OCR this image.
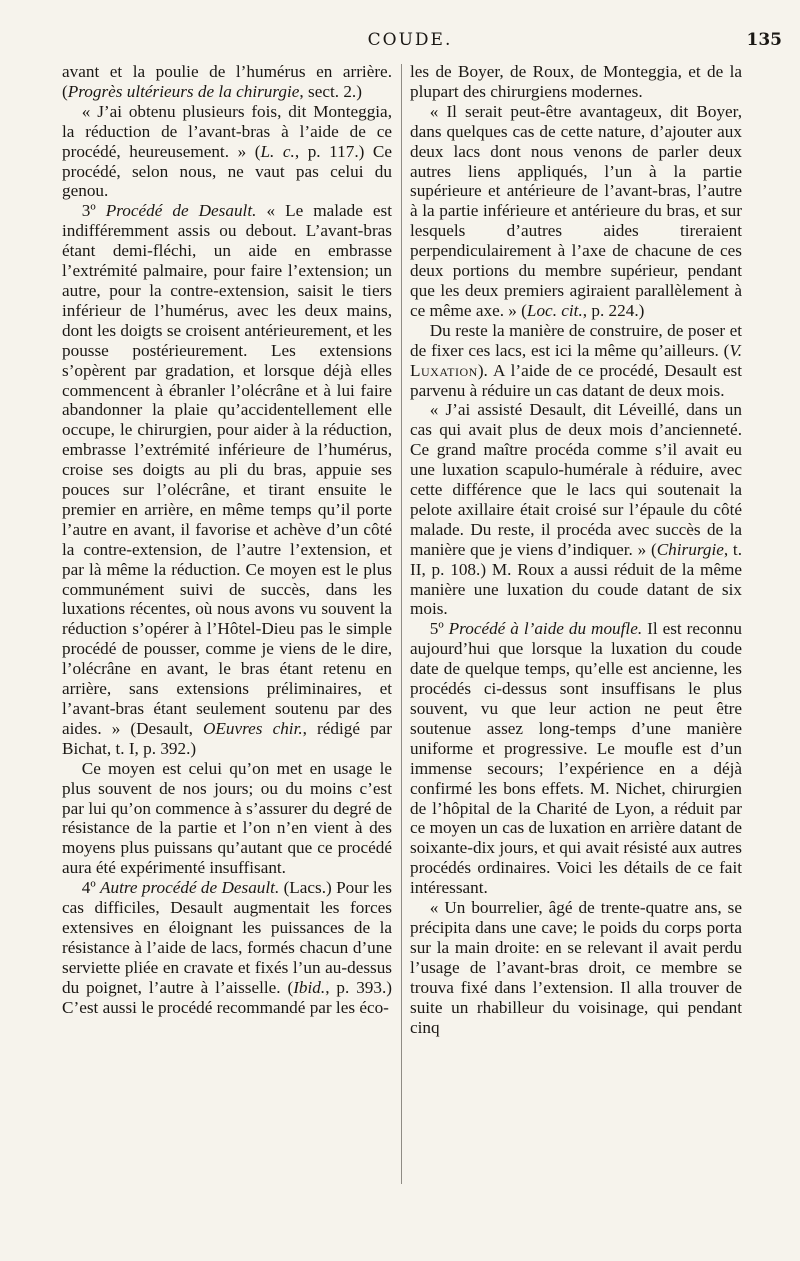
COUDE.	135

avant et la poulie de l’humérus en arrière. (Progrès ultérieurs de la chirurgie, sect. 2.)

« J’ai obtenu plusieurs fois, dit Monteggia, la réduction de l’avant-bras à l’aide de ce procédé, heureusement. » (L. c., p. 117.) Ce procédé, selon nous, ne vaut pas celui du genou.

3º Procédé de Desault. « Le malade est indifféremment assis ou debout. L’avant-bras étant demi-fléchi, un aide en embrasse l’extrémité palmaire, pour faire l’extension; un autre, pour la contre-extension, saisit le tiers inférieur de l’humérus, avec les deux mains, dont les doigts se croisent antérieurement, et les pousse postérieurement. Les extensions s’opèrent par gradation, et lorsque déjà elles commencent à ébranler l’olécrâne et à lui faire abandonner la plaie qu’accidentellement elle occupe, le chirurgien, pour aider à la réduction, embrasse l’extrémité inférieure de l’humérus, croise ses doigts au pli du bras, appuie ses pouces sur l’olécrâne, et tirant ensuite le premier en arrière, en même temps qu’il porte l’autre en avant, il favorise et achève d’un côté la contre-extension, de l’autre l’extension, et par là même la réduction. Ce moyen est le plus communément suivi de succès, dans les luxations récentes, où nous avons vu souvent la réduction s’opérer à l’Hôtel-Dieu pas le simple procédé de pousser, comme je viens de le dire, l’olécrâne en avant, le bras étant retenu en arrière, sans extensions préliminaires, et l’avant-bras étant seulement soutenu par des aides. » (Desault, OEuvres chir., rédigé par Bichat, t. I, p. 392.)

Ce moyen est celui qu’on met en usage le plus souvent de nos jours; ou du moins c’est par lui qu’on commence à s’assurer du degré de résistance de la partie et l’on n’en vient à des moyens plus puissans qu’autant que ce procédé aura été expérimenté insuffisant.

4º Autre procédé de Desault. (Lacs.) Pour les cas difficiles, Desault augmentait les forces extensives en éloignant les puissances de la résistance à l’aide de lacs, formés chacun d’une serviette pliée en cravate et fixés l’un au-dessus du poignet, l’autre à l’aisselle. (Ibid., p. 393.) C’est aussi le procédé recommandé par les éco-

les de Boyer, de Roux, de Monteggia, et de la plupart des chirurgiens modernes.

« Il serait peut-être avantageux, dit Boyer, dans quelques cas de cette nature, d’ajouter aux deux lacs dont nous venons de parler deux autres liens appliqués, l’un à la partie supérieure et antérieure de l’avant-bras, l’autre à la partie inférieure et antérieure du bras, et sur lesquels d’autres aides tireraient perpendiculairement à l’axe de chacune de ces deux portions du membre supérieur, pendant que les deux premiers agiraient parallèlement à ce même axe. » (Loc. cit., p. 224.)

Du reste la manière de construire, de poser et de fixer ces lacs, est ici la même qu’ailleurs. (V. Luxation). A l’aide de ce procédé, Desault est parvenu à réduire un cas datant de deux mois.

« J’ai assisté Desault, dit Léveillé, dans un cas qui avait plus de deux mois d’ancienneté. Ce grand maître procéda comme s’il avait eu une luxation scapulo-humérale à réduire, avec cette différence que le lacs qui soutenait la pelote axillaire était croisé sur l’épaule du côté malade. Du reste, il procéda avec succès de la manière que je viens d’indiquer. » (Chirurgie, t. II, p. 108.) M. Roux a aussi réduit de la même manière une luxation du coude datant de six mois.

5º Procédé à l’aide du moufle. Il est reconnu aujourd’hui que lorsque la luxation du coude date de quelque temps, qu’elle est ancienne, les procédés ci-dessus sont insuffisans le plus souvent, vu que leur action ne peut être soutenue assez long-temps d’une manière uniforme et progressive. Le moufle est d’un immense secours; l’expérience en a déjà confirmé les bons effets. M. Nichet, chirurgien de l’hôpital de la Charité de Lyon, a réduit par ce moyen un cas de luxation en arrière datant de soixante-dix jours, et qui avait résisté aux autres procédés ordinaires. Voici les détails de ce fait intéressant.

« Un bourrelier, âgé de trente-quatre ans, se précipita dans une cave; le poids du corps porta sur la main droite: en se relevant il avait perdu l’usage de l’avant-bras droit, ce membre se trouva fixé dans l’extension. Il alla trouver de suite un rhabilleur du voisinage, qui pendant cinq
